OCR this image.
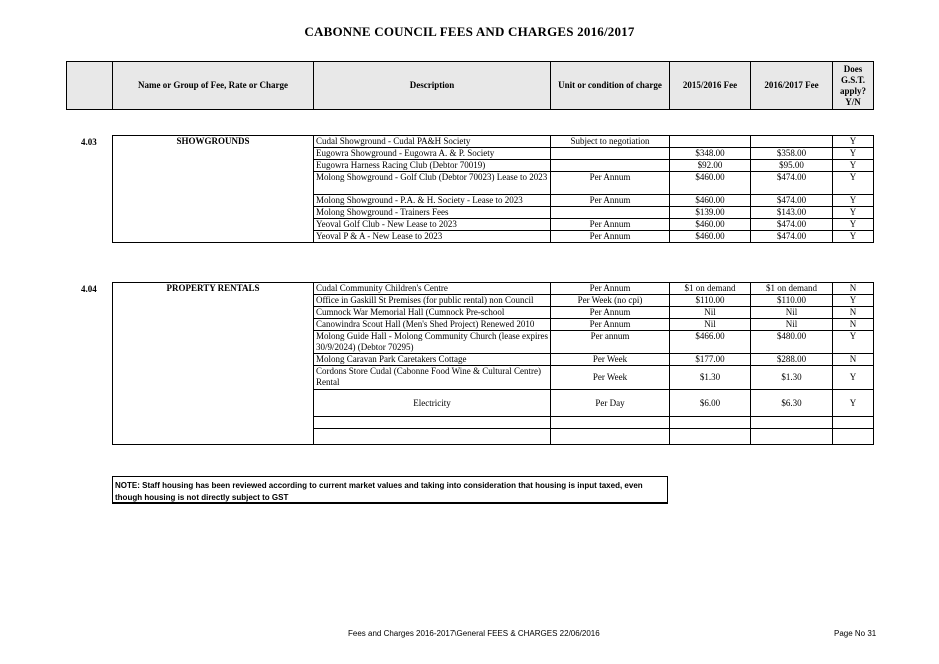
CABONNE COUNCIL FEES AND CHARGES 2016/2017
	Name or Group of Fee, Rate or Charge	Description	Unit or condition of charge	2015/2016 Fee	2016/2017 Fee	Does G.S.T. apply? Y/N
4.03	SHOWGROUNDS	Cudal Showground - Cudal PA&H Society	Subject to negotiation			Y
	Eugowra Showground - Eugowra A. & P. Society		$348.00	$358.00	Y
	Eugowra Harness Racing Club (Debtor 70019)		$92.00	$95.00	Y
	Molong Showground - Golf Club (Debtor 70023) Lease to 2023	Per Annum	$460.00	$474.00	Y
	Molong Showground - P.A. & H. Society - Lease to 2023	Per Annum	$460.00	$474.00	Y
	Molong Showground - Trainers Fees		$139.00	$143.00	Y
	Yeoval Golf Club - New Lease to 2023	Per Annum	$460.00	$474.00	Y
	Yeoval P & A - New Lease to 2023	Per Annum	$460.00	$474.00	Y
4.04	PROPERTY RENTALS	Cudal Community Children's Centre	Per Annum	$1 on demand	$1 on demand	N
	Office in Gaskill St Premises (for public rental) non Council	Per Week (no cpi)	$110.00	$110.00	Y
	Cumnock War Memorial Hall (Cumnock Pre-school	Per Annum	Nil	Nil	N
	Canowindra Scout Hall (Men's Shed Project) Renewed 2010	Per Annum	Nil	Nil	N
	Molong Guide Hall - Molong Community Church (lease expires 30/9/2024) (Debtor 70295)	Per annum	$466.00	$480.00	Y
	Molong Caravan Park Caretakers Cottage	Per Week	$177.00	$288.00	N
	Cordons Store Cudal (Cabonne Food Wine & Cultural Centre) Rental	Per Week	$1.30	$1.30	Y
	Electricity	Per Day	$6.00	$6.30	Y

NOTE: Staff housing has been reviewed according to current market values and taking into consideration that housing is input taxed, even though housing is not directly subject to GST
Fees and Charges 2016-2017\General FEES & CHARGES 22/06/2016	Page No 31
